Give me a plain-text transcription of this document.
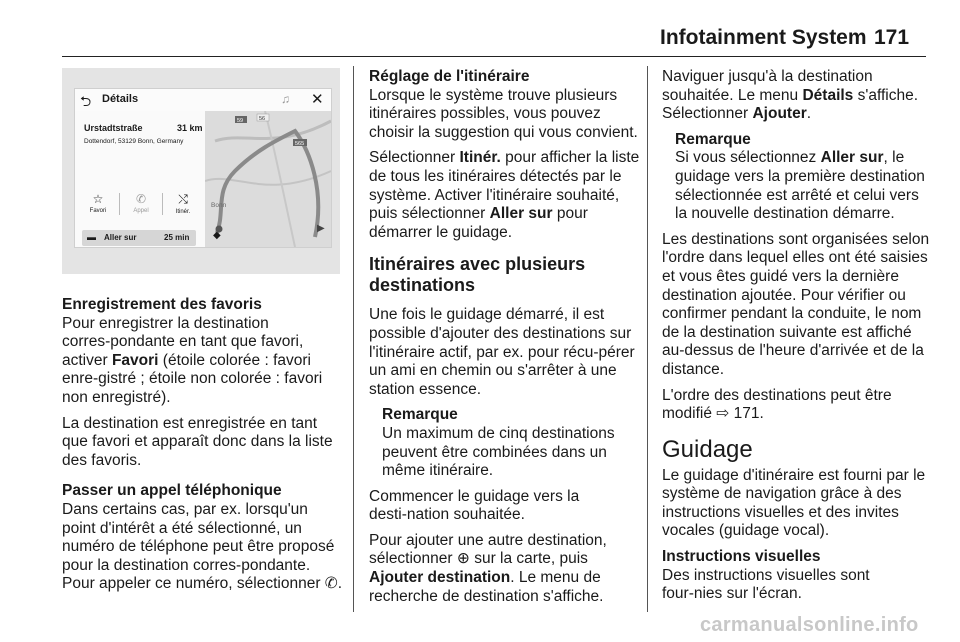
Infotainment System 171
⮌ Détails	♫ ✕
Urstadtstraße	31 km
Dottendorf, 53129 Bonn, Germany
☆
Favori
✆
Appel
⤭
Itinér.
▬ Aller sur	25 min
59	56
565
Bonn
◆
▶
Enregistrement des favoris

Pour enregistrer la destination corres‑pondante en tant que favori, activer Favori (étoile colorée : favori enre‑gistré ; étoile non colorée : favori non enregistré).

La destination est enregistrée en tant que favori et apparaît donc dans la liste des favoris.

Passer un appel téléphonique

Dans certains cas, par ex. lorsqu'un point d'intérêt a été sélectionné, un numéro de téléphone peut être proposé pour la destination corres‑pondante. Pour appeler ce numéro, sélectionner ✆.

Réglage de l'itinéraire

Lorsque le système trouve plusieurs itinéraires possibles, vous pouvez choisir la suggestion qui vous convient.

Sélectionner Itinér. pour afficher la liste de tous les itinéraires détectés par le système. Activer l'itinéraire souhaité, puis sélectionner Aller sur pour démarrer le guidage.

Itinéraires avec plusieurs destinations

Une fois le guidage démarré, il est possible d'ajouter des destinations sur l'itinéraire actif, par ex. pour récu‑pérer un ami en chemin ou s'arrêter à une station essence.

Remarque
Un maximum de cinq destinations peuvent être combinées dans un même itinéraire.

Commencer le guidage vers la desti‑nation souhaitée.

Pour ajouter une autre destination, sélectionner ⊕ sur la carte, puis Ajouter destination. Le menu de recherche de destination s'affiche.

Naviguer jusqu'à la destination souhaitée. Le menu Détails s'affiche. Sélectionner Ajouter.

Remarque
Si vous sélectionnez Aller sur, le guidage vers la première destination sélectionnée est arrêté et celui vers la nouvelle destination démarre.

Les destinations sont organisées selon l'ordre dans lequel elles ont été saisies et vous êtes guidé vers la dernière destination ajoutée. Pour vérifier ou confirmer pendant la conduite, le nom de la destination suivante est affiché au-dessus de l'heure d'arrivée et de la distance.

L'ordre des destinations peut être modifié ⇨ 171.

Guidage

Le guidage d'itinéraire est fourni par le système de navigation grâce à des instructions visuelles et des invites vocales (guidage vocal).

Instructions visuelles

Des instructions visuelles sont four‑nies sur l'écran.

carmanualsonline.info
